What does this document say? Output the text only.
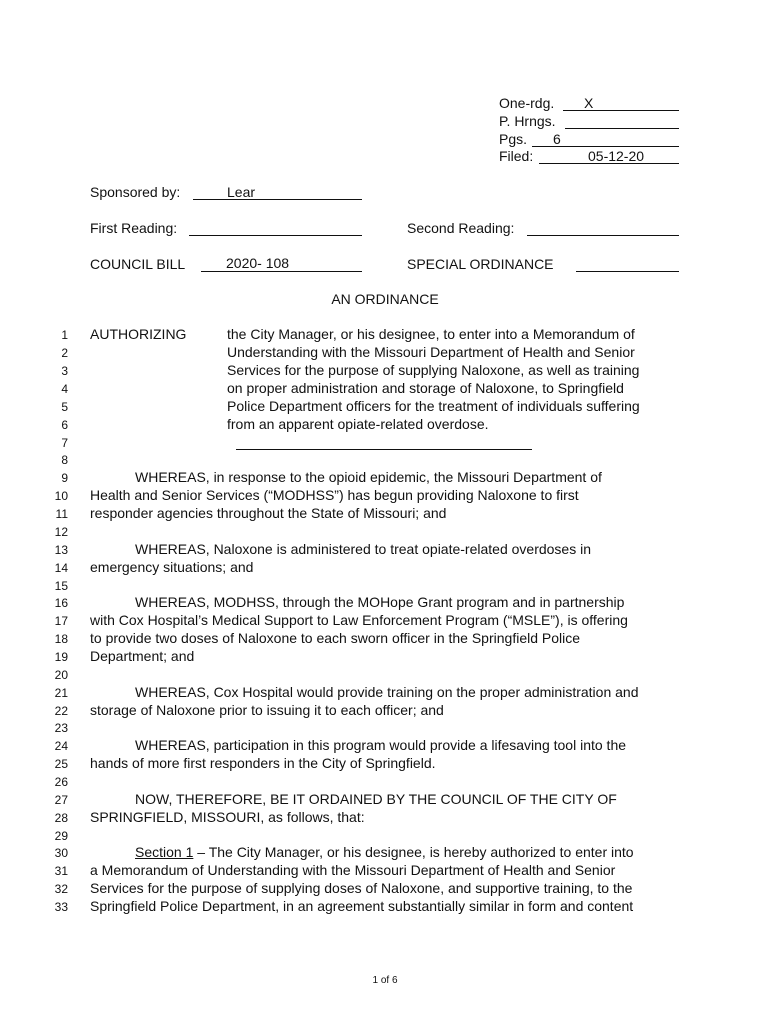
One-rdg. X
P. Hrngs.
Pgs. 6
Filed:	05-12-20
Sponsored by:	Lear
First Reading:	Second Reading:
COUNCIL BILL	2020- 108	SPECIAL ORDINANCE
AN ORDINANCE
1
2
3
4
5
6
7
8
9
10
11
12
13
14
15
16
17
18
19
20
21
22
23
24
25
26
27
28
29
30
31
32
33
AUTHORIZING	the City Manager, or his designee, to enter into a Memorandum of
Understanding with the Missouri Department of Health and Senior
Services for the purpose of supplying Naloxone, as well as training
on proper administration and storage of Naloxone, to Springfield
Police Department officers for the treatment of individuals suffering
from an apparent opiate-related overdose.
WHEREAS, in response to the opioid epidemic, the Missouri Department of
Health and Senior Services (“MODHSS”) has begun providing Naloxone to first
responder agencies throughout the State of Missouri; and
WHEREAS, Naloxone is administered to treat opiate-related overdoses in
emergency situations; and
WHEREAS, MODHSS, through the MOHope Grant program and in partnership
with Cox Hospital’s Medical Support to Law Enforcement Program (“MSLE”), is offering
to provide two doses of Naloxone to each sworn officer in the Springfield Police
Department; and
WHEREAS, Cox Hospital would provide training on the proper administration and
storage of Naloxone prior to issuing it to each officer; and
WHEREAS, participation in this program would provide a lifesaving tool into the
hands of more first responders in the City of Springfield.
NOW, THEREFORE, BE IT ORDAINED BY THE COUNCIL OF THE CITY OF
SPRINGFIELD, MISSOURI, as follows, that:
Section 1 – The City Manager, or his designee, is hereby authorized to enter into
a Memorandum of Understanding with the Missouri Department of Health and Senior
Services for the purpose of supplying doses of Naloxone, and supportive training, to the
Springfield Police Department, in an agreement substantially similar in form and content
1 of 6
